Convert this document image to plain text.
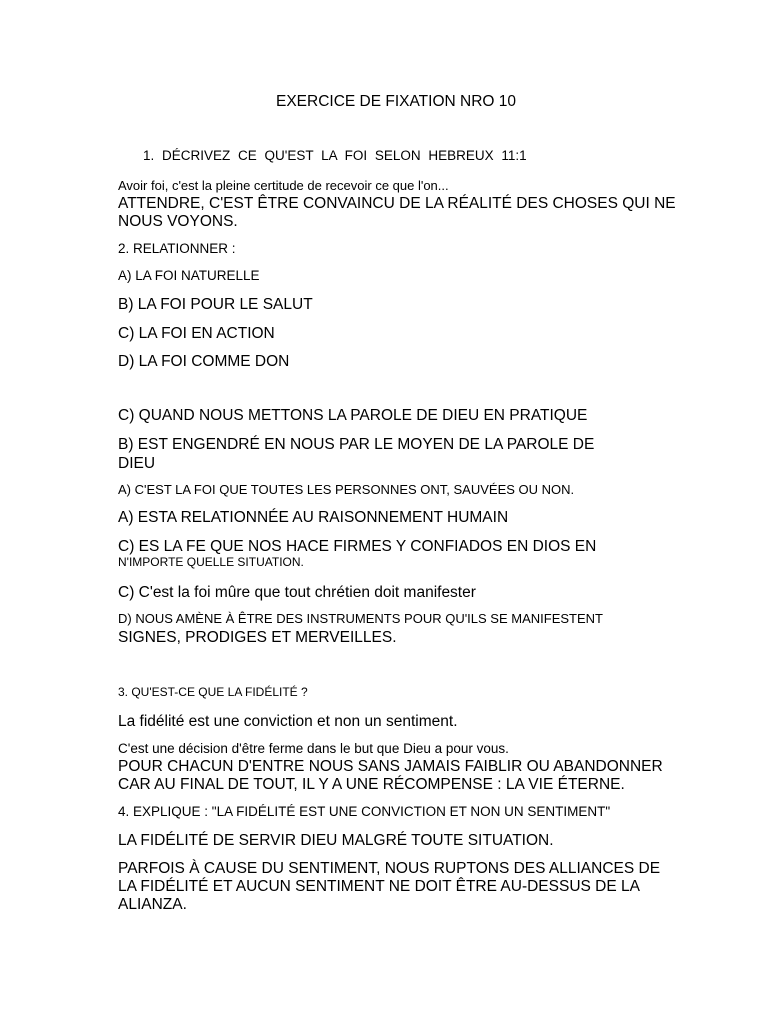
EXERCICE DE FIXATION NRO 10
1. DÉCRIVEZ CE QU'EST LA FOI SELON HEBREUX 11:1
Avoir foi, c'est la pleine certitude de recevoir ce que l'on...
ATTENDRE, C'EST ÊTRE CONVAINCU DE LA RÉALITÉ DES CHOSES QUI NE
NOUS VOYONS.
2. RELATIONNER :
A) LA FOI NATURELLE
B) LA FOI POUR LE SALUT
C) LA FOI EN ACTION
D) LA FOI COMME DON
C) QUAND NOUS METTONS LA PAROLE DE DIEU EN PRATIQUE
B) EST ENGENDRÉ EN NOUS PAR LE MOYEN DE LA PAROLE DE
DIEU
A) C'EST LA FOI QUE TOUTES LES PERSONNES ONT, SAUVÉES OU NON.
A) ESTA RELATIONNÉE AU RAISONNEMENT HUMAIN
C) ES LA FE QUE NOS HACE FIRMES Y CONFIADOS EN DIOS EN
N'IMPORTE QUELLE SITUATION.
C) C'est la foi mûre que tout chrétien doit manifester
D) NOUS AMÈNE À ÊTRE DES INSTRUMENTS POUR QU'ILS SE MANIFESTENT
SIGNES, PRODIGES ET MERVEILLES.
3. QU'EST-CE QUE LA FIDÉLITÉ ?
La fidélité est une conviction et non un sentiment.
C'est une décision d'être ferme dans le but que Dieu a pour vous.
POUR CHACUN D'ENTRE NOUS SANS JAMAIS FAIBLIR OU ABANDONNER
CAR AU FINAL DE TOUT, IL Y A UNE RÉCOMPENSE : LA VIE ÉTERNE.
4. EXPLIQUE : "LA FIDÉLITÉ EST UNE CONVICTION ET NON UN SENTIMENT"
LA FIDÉLITÉ DE SERVIR DIEU MALGRÉ TOUTE SITUATION.
PARFOIS À CAUSE DU SENTIMENT, NOUS RUPTONS DES ALLIANCES DE
LA FIDÉLITÉ ET AUCUN SENTIMENT NE DOIT ÊTRE AU-DESSUS DE LA
ALIANZA.
